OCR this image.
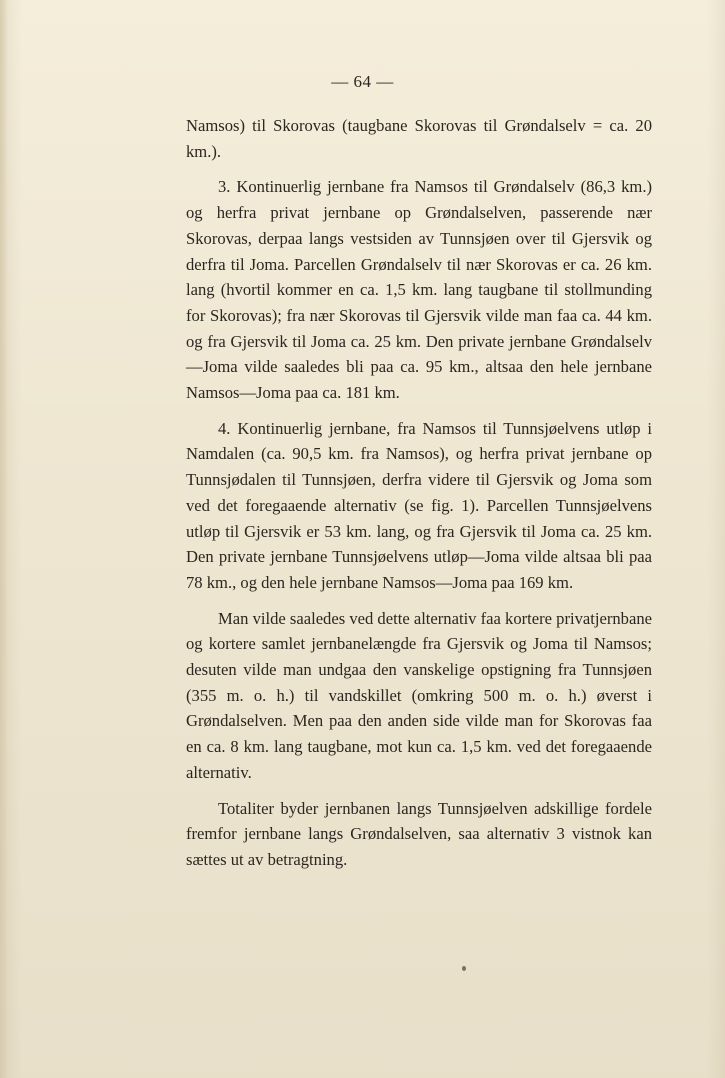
— 64 —

Namsos) til Skorovas (taugbane Skorovas til Grøndalselv = ca. 20 km.).

3. Kontinuerlig jernbane fra Namsos til Grøndalselv (86,3 km.) og herfra privat jernbane op Grøndalselven, passerende nær Skorovas, derpaa langs vestsiden av Tunnsjøen over til Gjersvik og derfra til Joma. Parcellen Grøndalselv til nær Skorovas er ca. 26 km. lang (hvortil kommer en ca. 1,5 km. lang taugbane til stollmunding for Skorovas); fra nær Skorovas til Gjersvik vilde man faa ca. 44 km. og fra Gjersvik til Joma ca. 25 km. Den private jernbane Grøndalselv—Joma vilde saaledes bli paa ca. 95 km., altsaa den hele jernbane Namsos—Joma paa ca. 181 km.

4. Kontinuerlig jernbane, fra Namsos til Tunnsjøelvens utløp i Namdalen (ca. 90,5 km. fra Namsos), og herfra privat jernbane op Tunnsjødalen til Tunnsjøen, derfra videre til Gjersvik og Joma som ved det foregaaende alternativ (se fig. 1). Parcellen Tunnsjøelvens utløp til Gjersvik er 53 km. lang, og fra Gjersvik til Joma ca. 25 km. Den private jernbane Tunnsjøelvens utløp—Joma vilde altsaa bli paa 78 km., og den hele jernbane Namsos—Joma paa 169 km.

Man vilde saaledes ved dette alternativ faa kortere privatjernbane og kortere samlet jernbanelængde fra Gjersvik og Joma til Namsos; desuten vilde man undgaa den vanskelige opstigning fra Tunnsjøen (355 m. o. h.) til vandskillet (omkring 500 m. o. h.) øverst i Grøndalselven. Men paa den anden side vilde man for Skorovas faa en ca. 8 km. lang taugbane, mot kun ca. 1,5 km. ved det foregaaende alternativ.

Totaliter byder jernbanen langs Tunnsjøelven adskillige fordele fremfor jernbane langs Grøndalselven, saa alternativ 3 vistnok kan sættes ut av betragtning.
